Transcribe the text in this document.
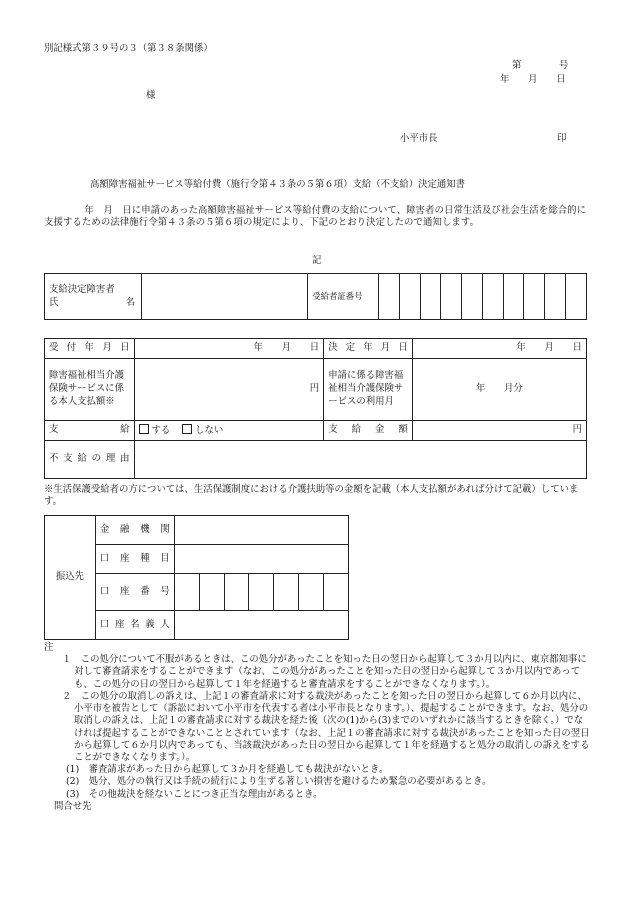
別記様式第３９号の３（第３８条関係）
第　　　　号
年　　月　　日
様
小平市長	印
高額障害福祉サービス等給付費（施行令第４３条の５第６項）支給（不支給）決定通知書
年　月　日に申請のあった高額障害福祉サービス等給付費の支給について、障害者の日常生活及び社会生活を総合的に支援するための法律施行令第４３条の５第６項の規定により、下記のとおり決定したので通知します。
記
支給決定障害者
氏　　　名
		受給者証番号										
受付年月日	年　　月　　日	決定年月日	年　　月　　日
障害福祉相当介護保険サービスに係る本人支払額※	円	申請に係る障害福祉相当介護保険サービスの利用月	年　　月分
支　　　給	する しない	支給金額	円
不支給の理由			
※生活保護受給者の方については、生活保護制度における介護扶助等の金額を記載（本人支払額があれば分けて記載）しています。
振込先	金融機関							
	口座種目							
	口座番号							
	口座名義人							
注
１　この処分について不服があるときは、この処分があったことを知った日の翌日から起算して３か月以内に、東京都知事に対して審査請求をすることができます（なお、この処分があったことを知った日の翌日から起算して３か月以内であっても、この処分の日の翌日から起算して１年を経過すると審査請求をすることができなくなります。）。
２　この処分の取消しの訴えは、上記１の審査請求に対する裁決があったことを知った日の翌日から起算して６か月以内に、小平市を被告として（訴訟において小平市を代表する者は小平市長となります。）、提起することができます。なお、処分の取消しの訴えは、上記１の審査請求に対する裁決を経た後（次の(1)から(3)までのいずれかに該当するときを除く。）でなければ提起することができないこととされています（なお、上記１の審査請求に対する裁決があったことを知った日の翌日から起算して６か月以内であっても、当該裁決があった日の翌日から起算して１年を経過すると処分の取消しの訴えをすることができなくなります。）。
(1)　審査請求があった日から起算して３か月を経過しても裁決がないとき。
(2)　処分、処分の執行又は手続の続行により生ずる著しい損害を避けるため緊急の必要があるとき。
(3)　その他裁決を経ないことにつき正当な理由があるとき。
問合せ先
